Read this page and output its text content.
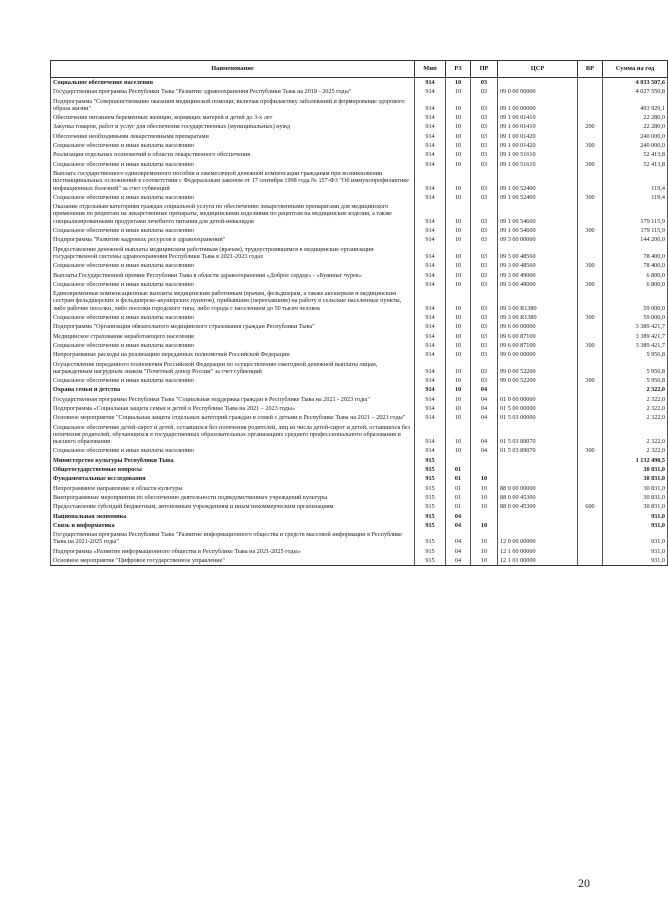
Наименование	Мин	РЗ	ПР	ЦСР	ВР	Сумма на год
Социальное обеспечение населения	914	10	03			4 033 507,6
Государственная программа Республики Тыва "Развитие здравоохранения Республики Тыва на 2018 - 2025 годы"	914	10	03	09 0 00 00000		4 027 550,8
Подпрограмма "Совершенствование оказания медицинской помощи, включая профилактику заболеваний и формирование здорового образа жизни"	914	10	03	09 1 00 00000		493 929,1
Обеспечение питанием беременных женщин, кормящих матерей и детей до 3-х лет	914	10	03	09 1 00 01410		22 280,0
Закупка товаров, работ и услуг для обеспечения государственных (муниципальных) нужд	914	10	03	09 1 00 01410	200	22 280,0
Обеспечение необходимыми лекарственными препаратами	914	10	03	09 1 00 01420		240 000,0
Социальное обеспечение и иные выплаты населению	914	10	03	09 1 00 01420	300	240 000,0
Реализация отдельных полномочий в области лекарственного обеспечения	914	10	03	09 1 00 51610		52 413,8
Социальное обеспечение и иные выплаты населению	914	10	03	09 1 00 51610	300	52 413,8
Выплата государственного единовременного пособия и ежемесячной денежной компенсации гражданам при возникновении поствакцинальных осложнений в соответствии с Федеральным законом от 17 сентября 1998 года № 157-ФЗ "Об иммунопрофилактике инфекционных болезней" за счет субвенций	914	10	03	09 1 00 52400		119,4
Социальное обеспечение и иные выплаты населению	914	10	03	09 1 00 52400	300	119,4
Оказание отдельным категориям граждан социальной услуги по обеспечению лекарственными препаратами для медицинского применения по рецептам на лекарственные препараты, медицинскими изделиями по рецептам на медицинские изделия, а также специализированными продуктами лечебного питания для детей-инвалидов	914	10	03	09 1 00 54600		179 115,9
Социальное обеспечение и иные выплаты населению	914	10	03	09 1 00 54600	300	179 115,9
Подпрограмма "Развитие кадровых ресурсов в здравоохранении"	914	10	03	09 3 00 00000		144 200,0
Предоставление денежной выплаты медицинским работникам (врачам), трудоустроившимся в медицинские организации государственной системы здравоохранения Республики Тыва в 2021-2023 годах	914	10	03	09 3 00 48560		78 400,0
Социальное обеспечение и иные выплаты населению	914	10	03	09 3 00 48560	300	78 400,0
Выплаты Государственной премии Республики Тыва в области здравоохранения «Доброе сердце» - «Буянныг чурек»	914	10	03	09 3 00 49000		6 800,0
Социальное обеспечение и иные выплаты населению	914	10	03	09 3 00 49000	300	6 800,0
Единовременные компенсационные выплаты медицинским работникам (врачам, фельдшерам, а также акушеркам и медицинским сестрам фельдшерских и фельдшерско-акушерских пунктов), прибывшим (переехавшим) на работу в сельские населенные пункты, либо рабочие поселки, либо поселки городского типа, либо города с населением до 50 тысяч человек	914	10	03	09 3 00 R1380		59 000,0
Социальное обеспечение и иные выплаты населению	914	10	03	09 3 00 R1380	300	59 000,0
Подпрограмма "Организация обязательного медицинского страхования граждан Республики Тыва"	914	10	03	09 6 00 00000		3 389 421,7
Медицинское страхование неработающего населения	914	10	03	09 6 00 87100		3 389 421,7
Социальное обеспечение и иные выплаты населению	914	10	03	09 6 00 87100	300	3 389 421,7
Непрограммные расходы на реализацию переданных полномочий Российской Федерации	914	10	03	99 0 00 00000		5 956,8
Осуществление переданного полномочия Российской Федерации по осуществлению ежегодной денежной выплаты лицам, награжденным нагрудным знаком "Почетный донор России" за счет субвенций	914	10	03	99 0 00 52200		5 956,8
Социальное обеспечение и иные выплаты населению	914	10	03	99 0 00 52200	300	5 956,8
Охрана семьи и детства	914	10	04			2 322,0
Государственная программа Республики Тыва "Социальная поддержка граждан в Республике Тыва на 2021 - 2023 годы"	914	10	04	01 0 00 00000		2 322,0
Подпрограмма «Социальная защита семьи и детей в Республике Тыва на 2021 – 2023 годы»	914	10	04	01 5 00 00000		2 322,0
Основное мероприятие "Социальная защита отдельных категорий граждан и семей с детьми в Республике Тыва на 2021 – 2023 годы"	914	10	04	01 5 03 00000		2 322,0
Социальное обеспечение детей-сирот и детей, оставшихся без попечения родителей, лиц из числа детей-сирот и детей, оставшихся без попечения родителей, обучающихся в государственных образовательных организациях среднего профессионального образования и высшего образования	914	10	04	01 5 03 89070		2 322,0
Социальное обеспечение и иные выплаты населению	914	10	04	01 5 03 89070	300	2 322,0
Министерство культуры Республики Тыва	915					1 132 498,5
Общегосударственные вопросы	915	01				30 831,0
Фундаментальные исследования	915	01	10			30 831,0
Непрограммное направление в области культуры	915	01	10	88 0 00 00000		30 831,0
Внепрограммные мероприятия по обеспечению деятельности подведомственных учреждений культуры	915	01	10	88 0 00 45300		30 831,0
Предоставление субсидий бюджетным, автономным учреждениям и иным некоммерческим организациям	915	01	10	88 0 00 45300	600	30 831,0
Национальная экономика	915	04				931,0
Связь и информатика	915	04	10			931,0
Государственная программа Республики Тыва "Развитие информационного общества и средств массовой информации в Республике Тыва на 2021-2025 годы"	915	04	10	12 0 00 00000		931,0
Подпрограмма «Развитие информационного общества в Республике Тыва на 2021-2025 годы»	915	04	10	12 1 00 00000		931,0
Основное мероприятие "Цифровое государственное управление"	915	04	10	12 1 01 00000		931,0
20
